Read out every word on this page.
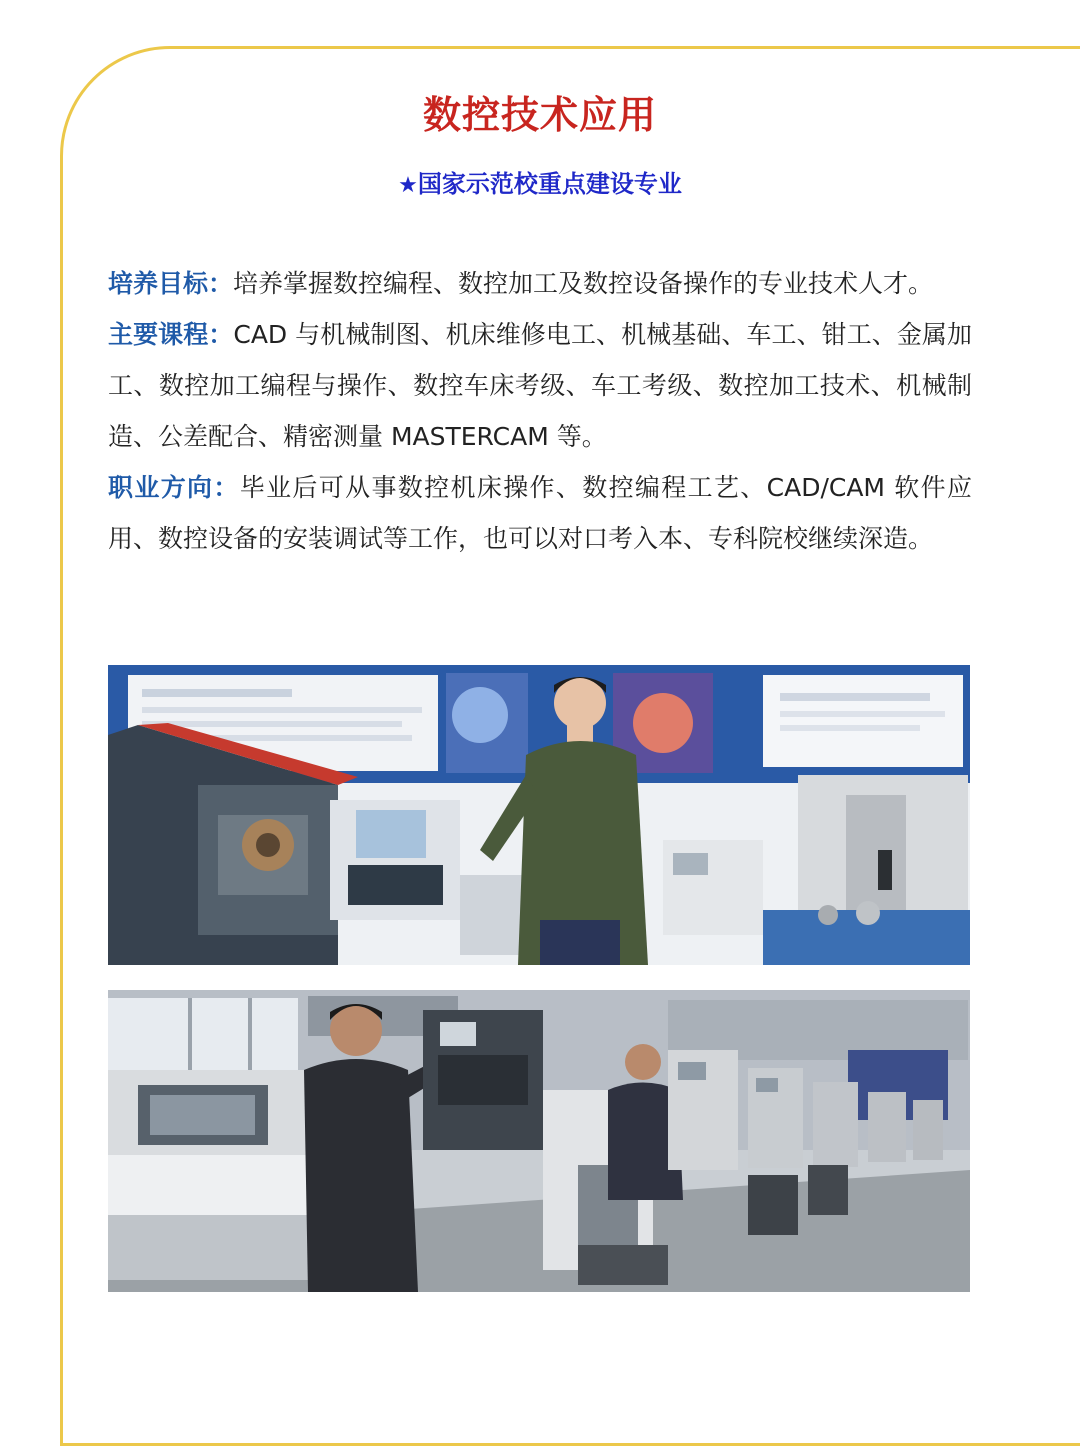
数控技术应用
★国家示范校重点建设专业

培养目标：培养掌握数控编程、数控加工及数控设备操作的专业技术人才。

主要课程：CAD 与机械制图、机床维修电工、机械基础、车工、钳工、金属加工、数控加工编程与操作、数控车床考级、车工考级、数控加工技术、机械制造、公差配合、精密测量 MASTERCAM 等。

职业方向：毕业后可从事数控机床操作、数控编程工艺、CAD/CAM 软件应用、数控设备的安装调试等工作，也可以对口考入本、专科院校继续深造。
